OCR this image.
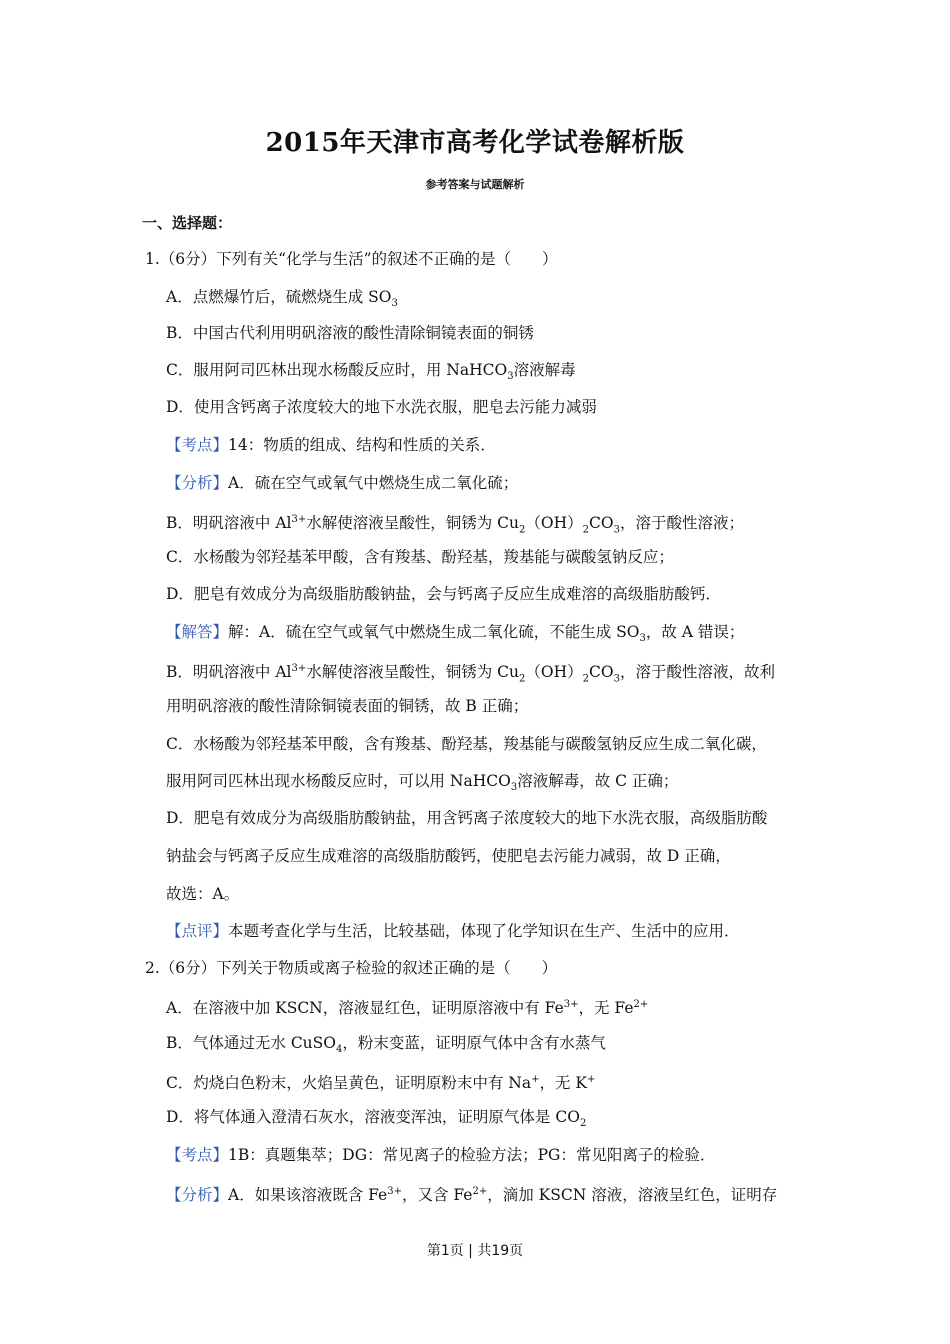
2015年天津市高考化学试卷解析版
参考答案与试题解析
一、选择题：
1.（6分）下列有关“化学与生活”的叙述不正确的是（　　）
A．点燃爆竹后，硫燃烧生成 $SO_3$
B．中国古代利用明矾溶液的酸性清除铜镜表面的铜锈
C．服用阿司匹林出现水杨酸反应时，用 NaHCO$_3$溶液解毒
D．使用含钙离子浓度较大的地下水洗衣服，肥皂去污能力减弱
【考点】14：物质的组成、结构和性质的关系．
【分析】A．硫在空气或氧气中燃烧生成二氧化硫；
B．明矾溶液中 $Al^{3+}$水解使溶液呈酸性，铜锈为 $Cu_2(OH)_2CO_3$，溶于酸性溶液；
C．水杨酸为邻羟基苯甲酸，含有羧基、酚羟基，羧基能与碳酸氢钠反应；
D．肥皂有效成分为高级脂肪酸钠盐，会与钙离子反应生成难溶的高级脂肪酸钙．
【解答】解：A．硫在空气或氧气中燃烧生成二氧化硫，不能生成 $SO_3$，故 A 错误；
B．明矾溶液中 $Al^{3+}$水解使溶液呈酸性，铜锈为 $Cu_2(OH)_2CO_3$，溶于酸性溶液，故利
用明矾溶液的酸性清除铜镜表面的铜锈，故 B 正确；
C．水杨酸为邻羟基苯甲酸，含有羧基、酚羟基，羧基能与碳酸氢钠反应生成二氧化碳，
服用阿司匹林出现水杨酸反应时，可以用 NaHCO$_3$溶液解毒，故 C 正确；
D．肥皂有效成分为高级脂肪酸钠盐，用含钙离子浓度较大的地下水洗衣服，高级脂肪酸
钠盐会与钙离子反应生成难溶的高级脂肪酸钙，使肥皂去污能力减弱，故 D 正确，
故选：A。
【点评】本题考查化学与生活，比较基础，体现了化学知识在生产、生活中的应用．
2.（6分）下列关于物质或离子检验的叙述正确的是（　　）
A．在溶液中加 KSCN，溶液显红色，证明原溶液中有 $Fe^{3+}$，无 $Fe^{2+}$
B．气体通过无水 CuSO$_4$，粉末变蓝，证明原气体中含有水蒸气
C．灼烧白色粉末，火焰呈黄色，证明原粉末中有 Na+，无 K+
D．将气体通入澄清石灰水，溶液变浑浊，证明原气体是 $CO_2$
【考点】1B：真题集萃；DG：常见离子的检验方法；PG：常见阳离子的检验．
【分析】A．如果该溶液既含 $Fe^{3+}$，又含 $Fe^{2+}$，滴加 KSCN 溶液，溶液呈红色，证明存
第1页 | 共19页
